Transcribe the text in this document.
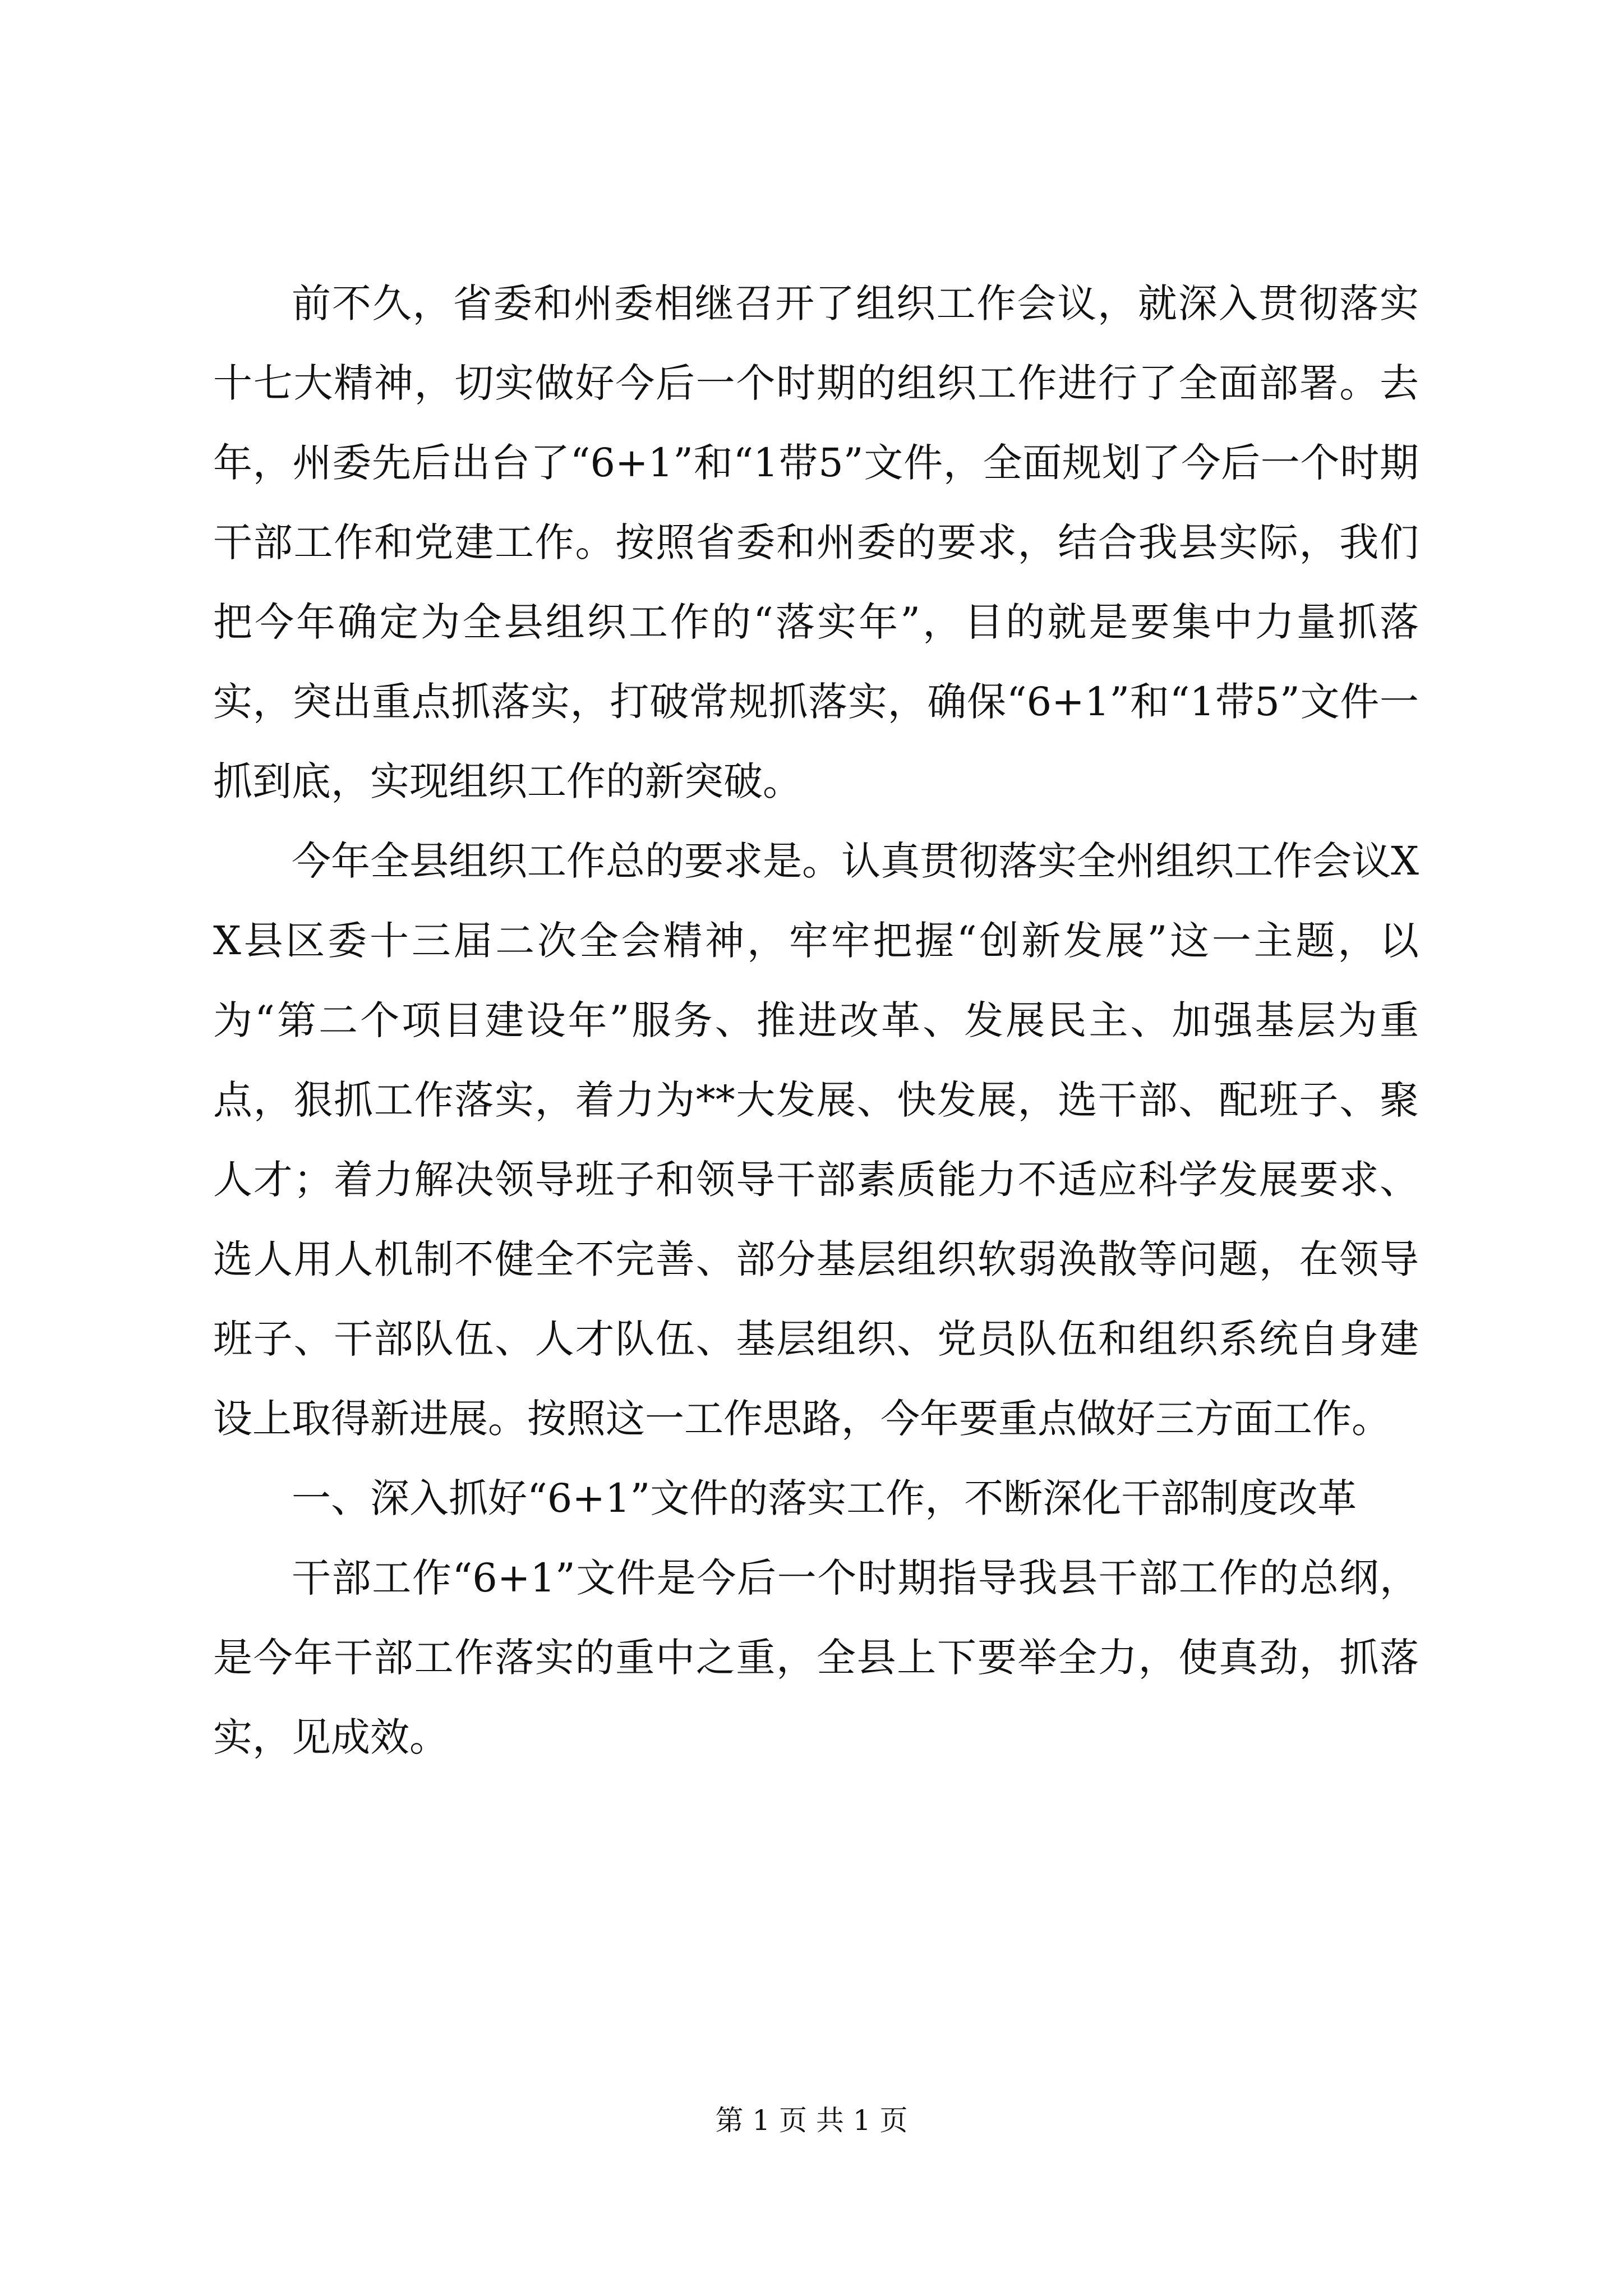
前不久，省委和州委相继召开了组织工作会议，就深入贯彻落实十七大精神，切实做好今后一个时期的组织工作进行了全面部署。去年，州委先后出台了“6+1”和“1带5”文件，全面规划了今后一个时期干部工作和党建工作。按照省委和州委的要求，结合我县实际，我们把今年确定为全县组织工作的“落实年”，目的就是要集中力量抓落实，突出重点抓落实，打破常规抓落实，确保“6+1”和“1带5”文件一抓到底，实现组织工作的新突破。

今年全县组织工作总的要求是。认真贯彻落实全州组织工作会议XX县区委十三届二次全会精神，牢牢把握“创新发展”这一主题，以为“第二个项目建设年”服务、推进改革、发展民主、加强基层为重点，狠抓工作落实，着力为**大发展、快发展，选干部、配班子、聚人才；着力解决领导班子和领导干部素质能力不适应科学发展要求、选人用人机制不健全不完善、部分基层组织软弱涣散等问题，在领导班子、干部队伍、人才队伍、基层组织、党员队伍和组织系统自身建设上取得新进展。按照这一工作思路，今年要重点做好三方面工作。

一、深入抓好“6+1”文件的落实工作，不断深化干部制度改革

干部工作“6+1”文件是今后一个时期指导我县干部工作的总纲，是今年干部工作落实的重中之重，全县上下要举全力，使真劲，抓落实，见成效。

第 1 页 共 1 页
